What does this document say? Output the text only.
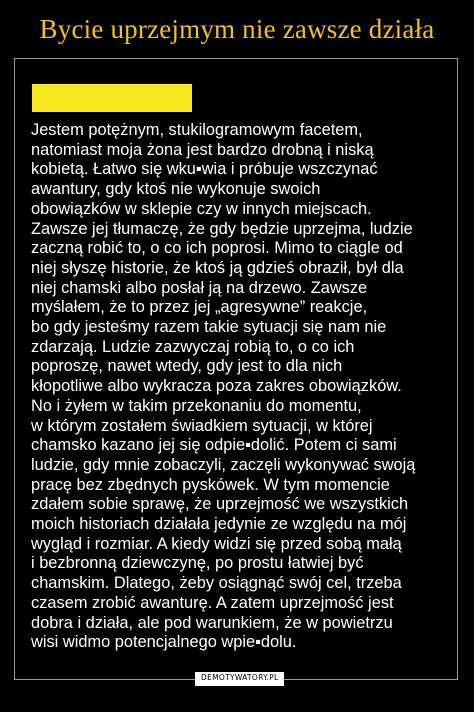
Bycie uprzejmym nie zawsze działa
Jestem potężnym, stukilogramowym facetem,
natomiast moja żona jest bardzo drobną i niską
kobietą. Łatwo się wku▪wia i próbuje wszczynać
awantury, gdy ktoś nie wykonuje swoich
obowiązków w sklepie czy w innych miejscach.
Zawsze jej tłumaczę, że gdy będzie uprzejma, ludzie
zaczną robić to, o co ich poprosi. Mimo to ciągle od
niej słyszę historie, że ktoś ją gdzieś obraził, był dla
niej chamski albo posłał ją na drzewo. Zawsze
myślałem, że to przez jej „agresywne” reakcje,
bo gdy jesteśmy razem takie sytuacji się nam nie
zdarzają. Ludzie zazwyczaj robią to, o co ich
poproszę, nawet wtedy, gdy jest to dla nich
kłopotliwe albo wykracza poza zakres obowiązków.
No i żyłem w takim przekonaniu do momentu,
w którym zostałem świadkiem sytuacji, w której
chamsko kazano jej się odpie▪dolić. Potem ci sami
ludzie, gdy mnie zobaczyli, zaczęli wykonywać swoją
pracę bez zbędnych pyskówek. W tym momencie
zdałem sobie sprawę, że uprzejmość we wszystkich
moich historiach działała jedynie ze względu na mój
wygląd i rozmiar. A kiedy widzi się przed sobą małą
i bezbronną dziewczynę, po prostu łatwiej być
chamskim. Dlatego, żeby osiągnąć swój cel, trzeba
czasem zrobić awanturę. A zatem uprzejmość jest
dobra i działa, ale pod warunkiem, że w powietrzu
wisi widmo potencjalnego wpie▪dolu.
DEMOTYWATORY.PL
